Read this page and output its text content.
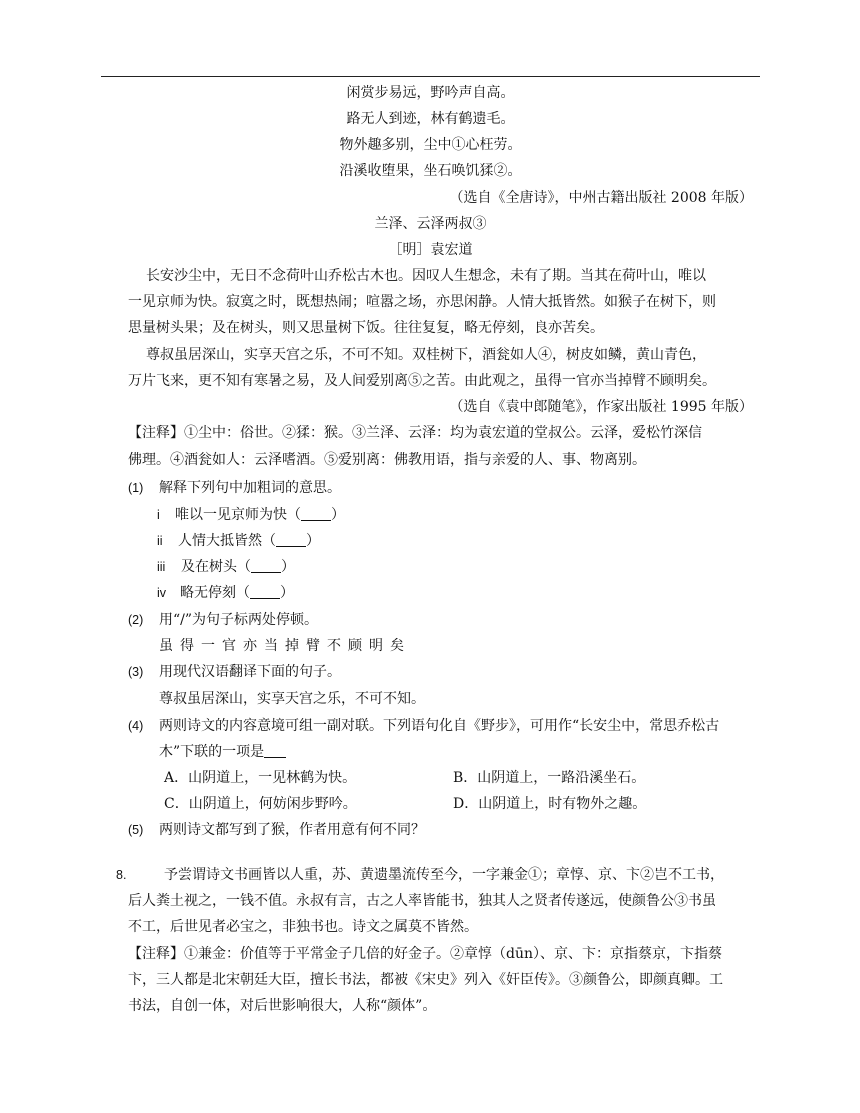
闲赏步易远，野吟声自高。
路无人到迹，林有鹤遗毛。
物外趣多别，尘中①心枉劳。
沿溪收堕果，坐石唤饥猱②。
（选自《全唐诗》，中州古籍出版社 2008 年版）
兰泽、云泽两叔③
［明］袁宏道
长安沙尘中，无日不念荷叶山乔松古木也。因叹人生想念，未有了期。当其在荷叶山，唯以
一见京师为快。寂寞之时，既想热闹；喧嚣之场，亦思闲静。人情大抵皆然。如猴子在树下，则
思量树头果；及在树头，则又思量树下饭。往往复复，略无停刻，良亦苦矣。
尊叔虽居深山，实享天宫之乐，不可不知。双桂树下，酒瓮如人④，树皮如鳞，黄山青色，
万片飞来，更不知有寒暑之易，及人间爱别离⑤之苦。由此观之，虽得一官亦当掉臂不顾明矣。
（选自《袁中郎随笔》，作家出版社 1995 年版）
【注释】①尘中：俗世。②猱：猴。③兰泽、云泽：均为袁宏道的堂叔公。云泽，爱松竹深信
佛理。④酒瓮如人：云泽嗜酒。⑤爱别离：佛教用语，指与亲爱的人、事、物离别。
(1) 解释下列句中加粗词的意思。
i 唯以一见京师为快（ ）
ii 人情大抵皆然（ ）
iii 及在树头（ ）
iv 略无停刻（ ）
(2) 用“/”为句子标两处停顿。
虽 得 一 官 亦 当 掉 臂 不 顾 明 矣
(3) 用现代汉语翻译下面的句子。
尊叔虽居深山，实享天宫之乐，不可不知。
(4) 两则诗文的内容意境可组一副对联。下列语句化自《野步》，可用作“长安尘中，常思乔松古
木”下联的一项是
A．山阴道上，一见林鹤为快。	B．山阴道上，一路沿溪坐石。
C．山阴道上，何妨闲步野吟。	D．山阴道上，时有物外之趣。
(5) 两则诗文都写到了猴，作者用意有何不同？
8.	予尝谓诗文书画皆以人重，苏、黄遗墨流传至今，一字兼金①；章惇、京、卞②岂不工书，
后人粪土视之，一钱不值。永叔有言，古之人率皆能书，独其人之贤者传遂远，使颜鲁公③书虽
不工，后世见者必宝之，非独书也。诗文之属莫不皆然。
【注释】①兼金：价值等于平常金子几倍的好金子。②章惇（dūn）、京、卞：京指蔡京，卞指蔡
卞，三人都是北宋朝廷大臣，擅长书法，都被《宋史》列入《奸臣传》。③颜鲁公，即颜真卿。工
书法，自创一体，对后世影响很大，人称“颜体”。
